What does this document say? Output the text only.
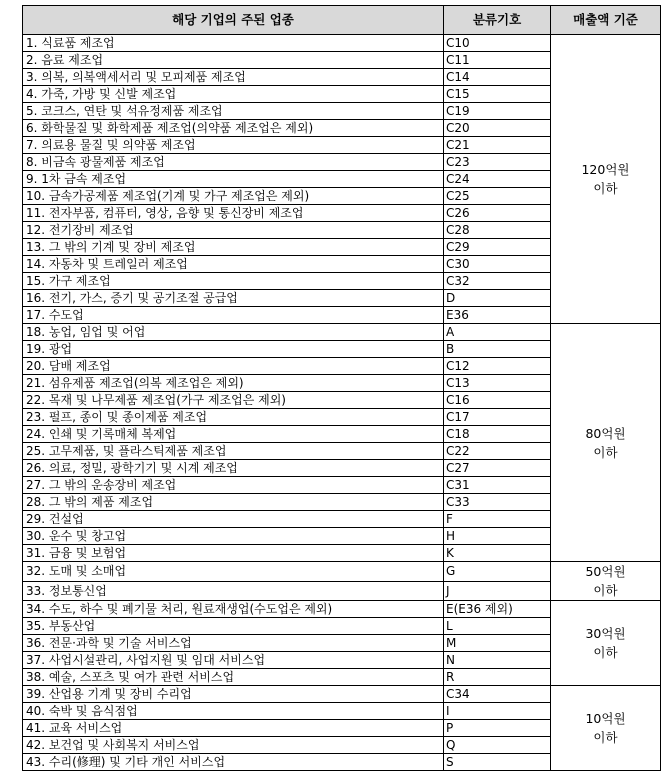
해당 기업의 주된 업종	분류기호	매출액 기준
1. 식료품 제조업	C10	120억원
이하

2. 음료 제조업	C11	
3. 의복, 의복액세서리 및 모피제품 제조업	C14	
4. 가죽, 가방 및 신발 제조업	C15	
5. 코크스, 연탄 및 석유정제품 제조업	C19	
6. 화학물질 및 화학제품 제조업(의약품 제조업은 제외)	C20	
7. 의료용 물질 및 의약품 제조업	C21	
8. 비금속 광물제품 제조업	C23	
9. 1차 금속 제조업	C24	
10. 금속가공제품 제조업(기계 및 가구 제조업은 제외)	C25	
11. 전자부품, 컴퓨터, 영상, 음향 및 통신장비 제조업	C26	
12. 전기장비 제조업	C28	
13. 그 밖의 기계 및 장비 제조업	C29	
14. 자동차 및 트레일러 제조업	C30	
15. 가구 제조업	C32	
16. 전기, 가스, 증기 및 공기조절 공급업	D	
17. 수도업	E36	
18. 농업, 임업 및 어업	A	80억원
이하

19. 광업	B	
20. 담배 제조업	C12	
21. 섬유제품 제조업(의복 제조업은 제외)	C13	
22. 목재 및 나무제품 제조업(가구 제조업은 제외)	C16	
23. 펄프, 종이 및 종이제품 제조업	C17	
24. 인쇄 및 기록매체 복제업	C18	
25. 고무제품, 및 플라스틱제품 제조업	C22	
26. 의료, 정밀, 광학기기 및 시계 제조업	C27	
27. 그 밖의 운송장비 제조업	C31	
28. 그 밖의 제품 제조업	C33	
29. 건설업	F	
30. 운수 및 창고업	H	
31. 금융 및 보험업	K	
32. 도매 및 소매업	G	50억원
이하

33. 정보통신업	J	
34. 수도, 하수 및 폐기물 처리, 원료재생업(수도업은 제외)	E(E36 제외)	30억원
이하

35. 부동산업	L	
36. 전문·과학 및 기술 서비스업	M	
37. 사업시설관리, 사업지원 및 임대 서비스업	N	
38. 예술, 스포츠 및 여가 관련 서비스업	R	
39. 산업용 기계 및 장비 수리업	C34	10억원
이하

40. 숙박 및 음식점업	I	
41. 교육 서비스업	P	
42. 보건업 및 사회복지 서비스업	Q	
43. 수리(修理) 및 기타 개인 서비스업	S	
